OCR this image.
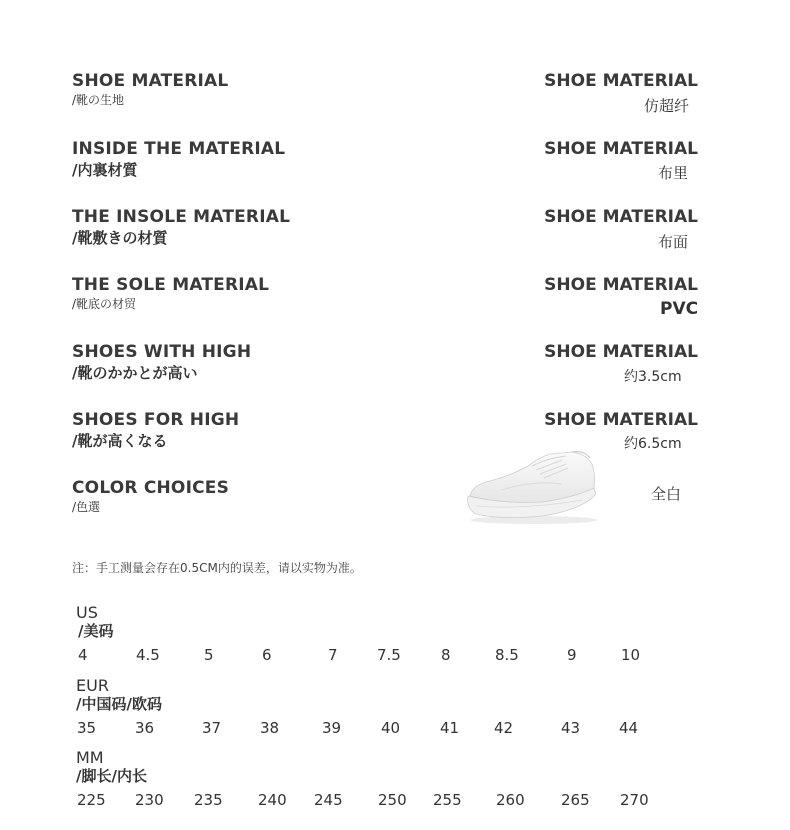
SHOE MATERIAL
/靴の生地
SHOE MATERIAL
仿超纤
INSIDE THE MATERIAL
/内裏材質
SHOE MATERIAL
布里
THE INSOLE MATERIAL
/靴敷きの材質
SHOE MATERIAL
布面
THE SOLE MATERIAL
/靴底の材贸
SHOE MATERIAL
PVC
SHOES WITH HIGH
/靴のかかとが高い
SHOE MATERIAL
约3.5cm
SHOES FOR HIGH
/靴が高くなる
SHOE MATERIAL
约6.5cm
COLOR CHOICES
/色選
全白
注：手工测量会存在0.5CM内的误差，请以实物为准。
US
/美码
4	4.5	5	6	7	7.5	8	8.5	9	10
EUR
/中国码/欧码
35	36	37	38	39	40	41 42	43	44
MM
/脚长/内长
225 230 235 240 245 250 255 260 265 270
